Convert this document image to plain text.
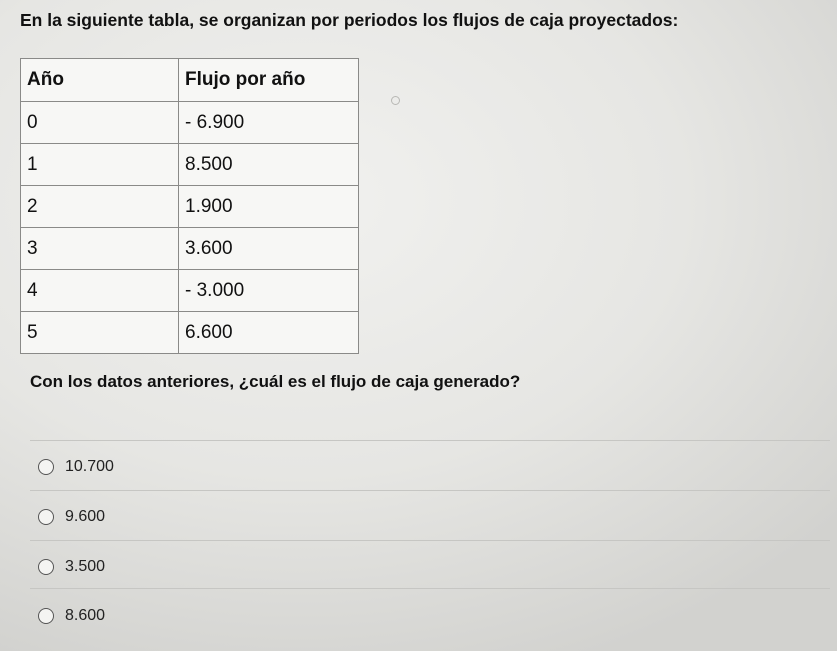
En la siguiente tabla, se organizan por periodos los flujos de caja proyectados:
Año	Flujo por año
0	- 6.900
1	8.500
2	1.900
3	3.600
4	- 3.000
5	6.600
Con los datos anteriores, ¿cuál es el flujo de caja generado?
10.700
9.600
3.500
8.600
